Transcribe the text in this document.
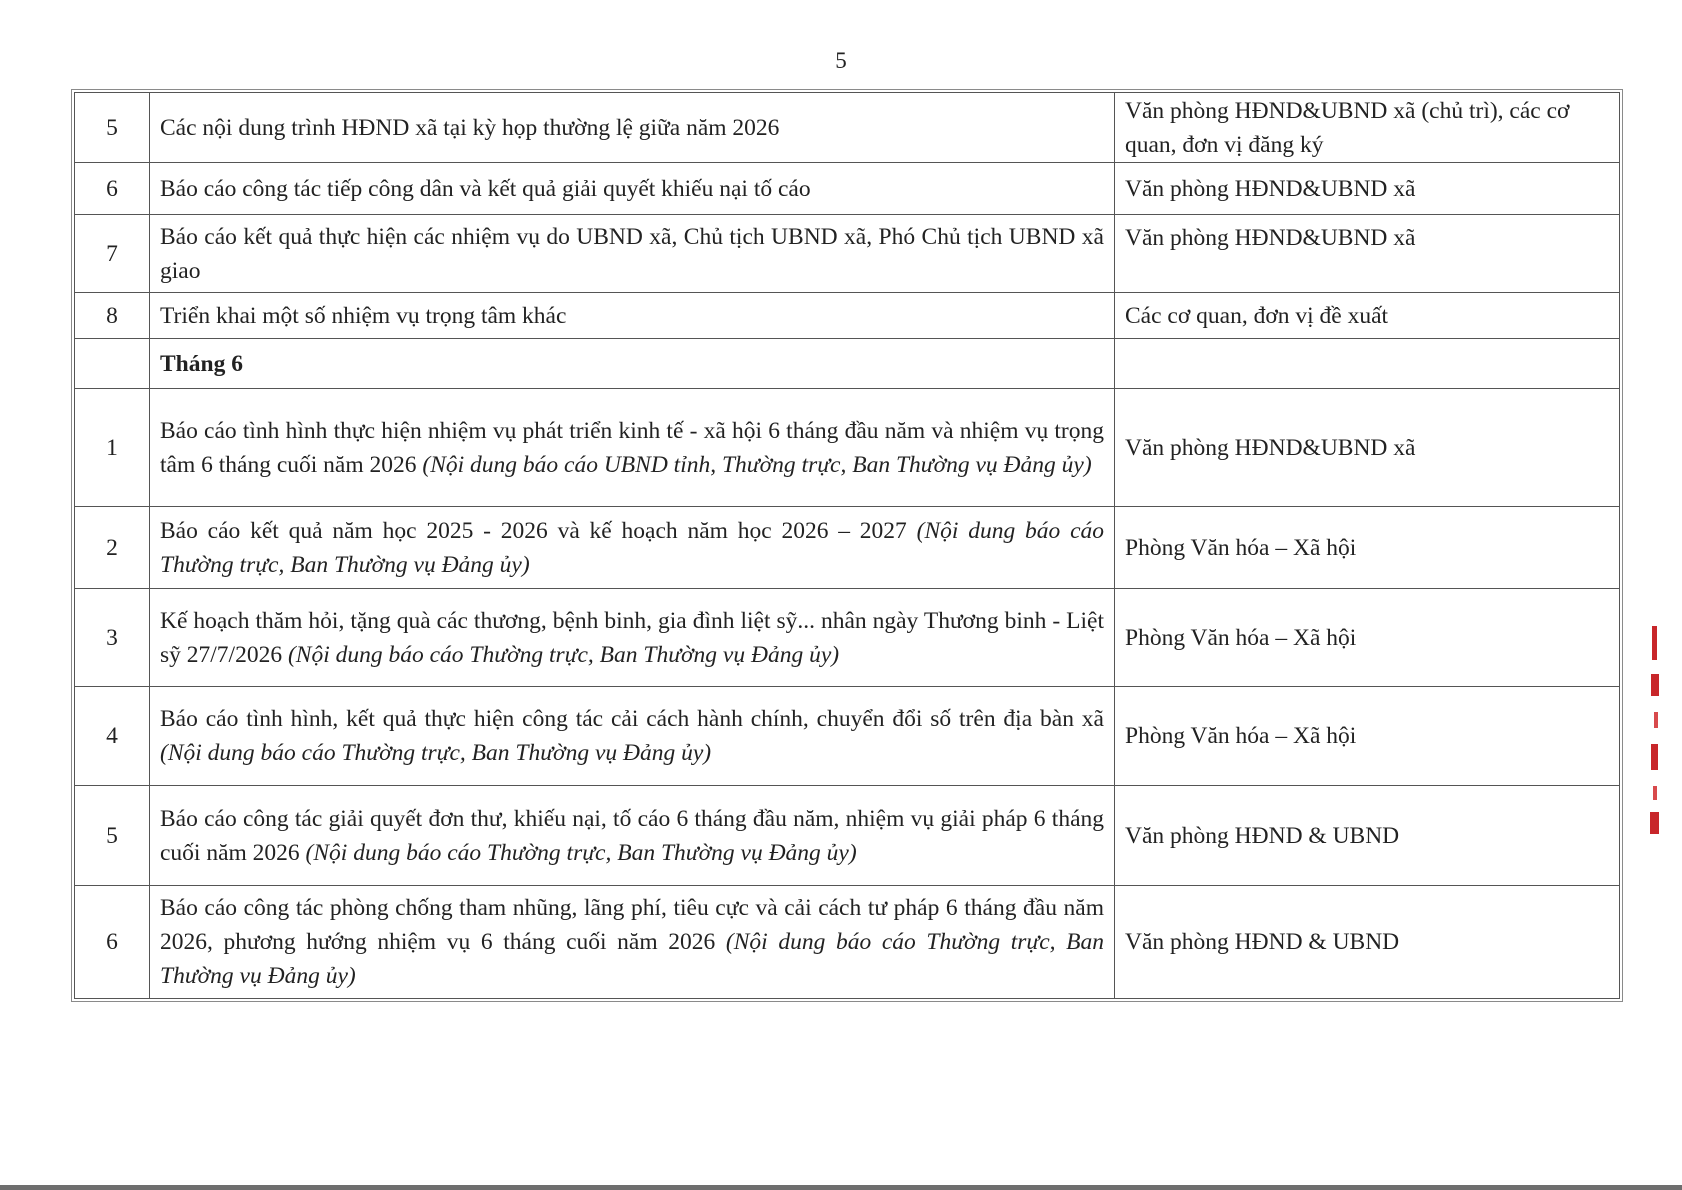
5
5	Các nội dung trình HĐND xã tại kỳ họp thường lệ giữa năm 2026	Văn phòng HĐND&UBND xã (chủ trì), các cơ quan, đơn vị đăng ký
6	Báo cáo công tác tiếp công dân và kết quả giải quyết khiếu nại tố cáo	Văn phòng HĐND&UBND xã
7	Báo cáo kết quả thực hiện các nhiệm vụ do UBND xã, Chủ tịch UBND xã, Phó Chủ tịch UBND xã giao	Văn phòng HĐND&UBND xã
8	Triển khai một số nhiệm vụ trọng tâm khác	Các cơ quan, đơn vị đề xuất
	Tháng 6	
1	Báo cáo tình hình thực hiện nhiệm vụ phát triển kinh tế - xã hội 6 tháng đầu năm và nhiệm vụ trọng tâm 6 tháng cuối năm 2026 (Nội dung báo cáo UBND tỉnh, Thường trực, Ban Thường vụ Đảng ủy)	Văn phòng HĐND&UBND xã
2	Báo cáo kết quả năm học 2025 - 2026 và kế hoạch năm học 2026 – 2027 (Nội dung báo cáo Thường trực, Ban Thường vụ Đảng ủy)	Phòng Văn hóa – Xã hội
3	Kế hoạch thăm hỏi, tặng quà các thương, bệnh binh, gia đình liệt sỹ... nhân ngày Thương binh - Liệt sỹ 27/7/2026 (Nội dung báo cáo Thường trực, Ban Thường vụ Đảng ủy)	Phòng Văn hóa – Xã hội
4	Báo cáo tình hình, kết quả thực hiện công tác cải cách hành chính, chuyển đổi số trên địa bàn xã (Nội dung báo cáo Thường trực, Ban Thường vụ Đảng ủy)	Phòng Văn hóa – Xã hội
5	Báo cáo công tác giải quyết đơn thư, khiếu nại, tố cáo 6 tháng đầu năm, nhiệm vụ giải pháp 6 tháng cuối năm 2026 (Nội dung báo cáo Thường trực, Ban Thường vụ Đảng ủy)	Văn phòng HĐND & UBND
6	Báo cáo công tác phòng chống tham nhũng, lãng phí, tiêu cực và cải cách tư pháp 6 tháng đầu năm 2026, phương hướng nhiệm vụ 6 tháng cuối năm 2026 (Nội dung báo cáo Thường trực, Ban Thường vụ Đảng ủy)	Văn phòng HĐND & UBND
